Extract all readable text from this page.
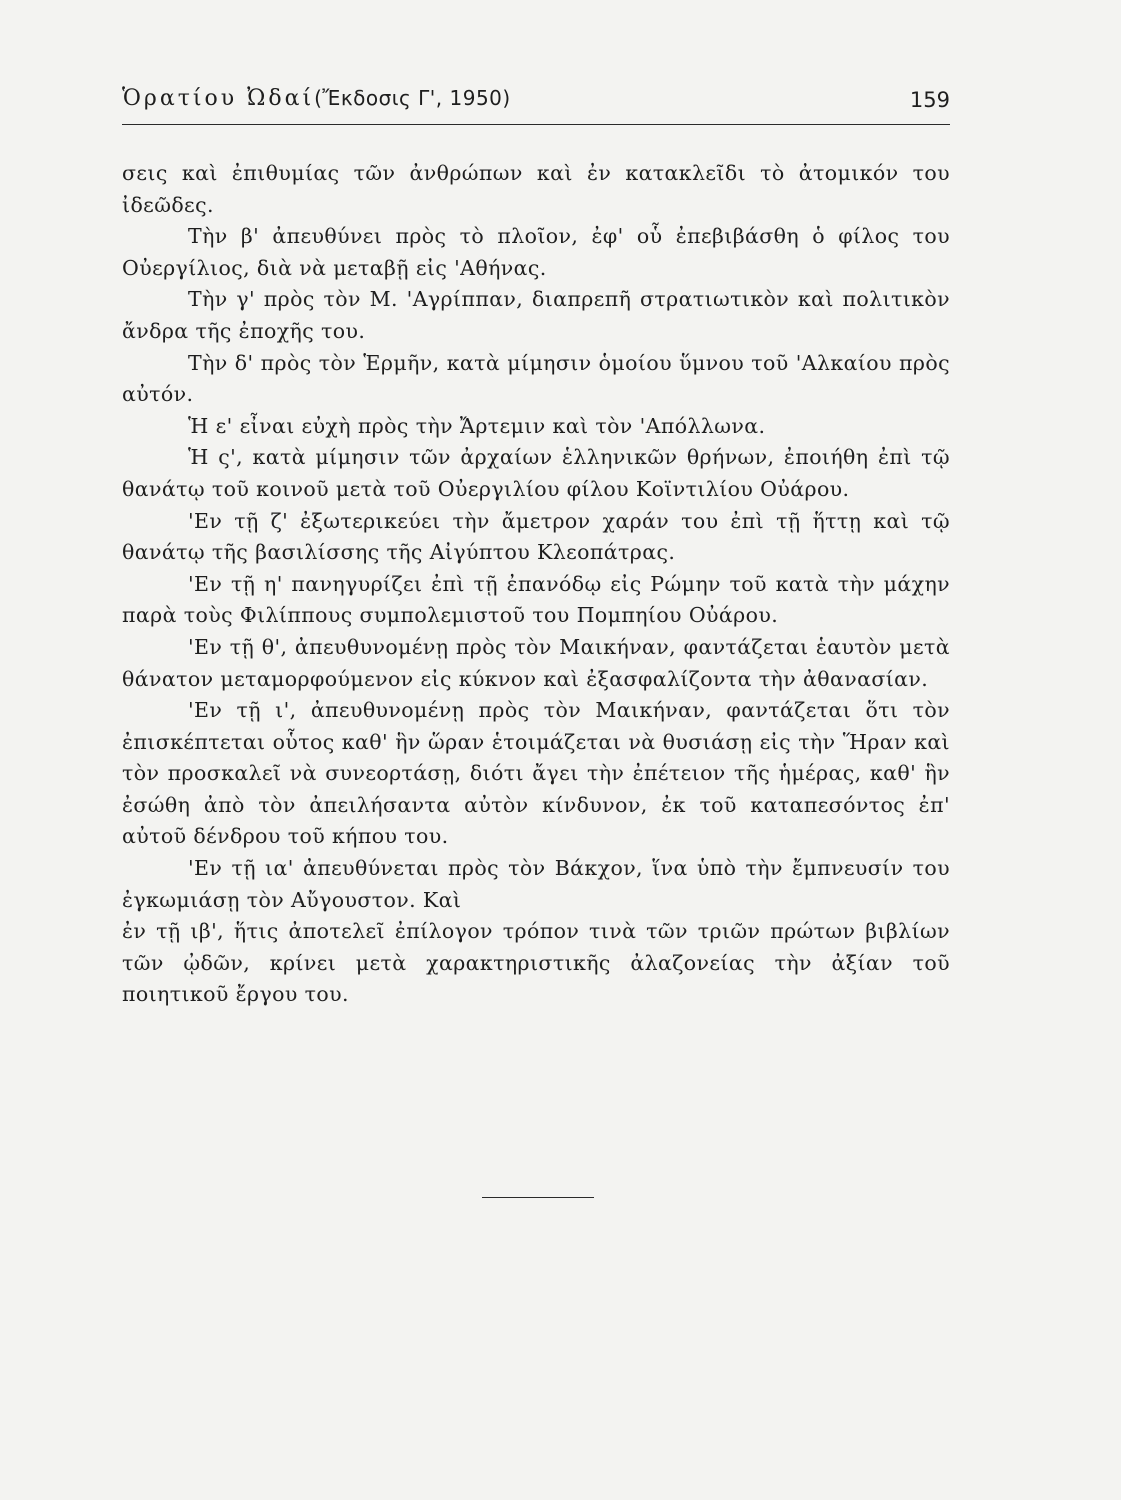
Ὁρατίου Ὠδαί(Ἔκδοσις Γ', 1950)	159

σεις καὶ ἐπιθυμίας τῶν ἀνθρώπων καὶ ἐν κατακλεῖδι τὸ ἀτομικόν του ἰδεῶδες.

Τὴν β' ἀπευθύνει πρὸς τὸ πλοῖον, ἐφ' οὗ ἐπεβιβάσθη ὁ φίλος του Οὐεργίλιος, διὰ νὰ μεταβῇ εἰς 'Αθήνας.

Τὴν γ' πρὸς τὸν Μ. 'Αγρίππαν, διαπρεπῆ στρατιωτικὸν καὶ πολιτικὸν ἄνδρα τῆς ἐποχῆς του.

Τὴν δ' πρὸς τὸν Ἑρμῆν, κατὰ μίμησιν ὁμοίου ὕμνου τοῦ 'Αλκαίου πρὸς αὐτόν.

Ἡ ε' εἶναι εὐχὴ πρὸς τὴν Ἄρτεμιν καὶ τὸν 'Απόλλωνα.

Ἡ ς', κατὰ μίμησιν τῶν ἀρχαίων ἑλληνικῶν θρήνων, ἐποιήθη ἐπὶ τῷ θανάτῳ τοῦ κοινοῦ μετὰ τοῦ Οὐεργιλίου φίλου Κοϊντιλίου Οὐάρου.

'Εν τῇ ζ' ἐξωτερικεύει τὴν ἄμετρον χαράν του ἐπὶ τῇ ἥττῃ καὶ τῷ θανάτῳ τῆς βασιλίσσης τῆς Αἰγύπτου Κλεοπάτρας.

'Εν τῇ η' πανηγυρίζει ἐπὶ τῇ ἐπανόδῳ εἰς Ρώμην τοῦ κατὰ τὴν μάχην παρὰ τοὺς Φιλίππους συμπολεμιστοῦ του Πομπηίου Οὐάρου.

'Εν τῇ θ', ἀπευθυνομένῃ πρὸς τὸν Μαικήναν, φαντάζεται ἑαυτὸν μετὰ θάνατον μεταμορφούμενον εἰς κύκνον καὶ ἐξασφαλίζοντα τὴν ἀθανασίαν.

'Εν τῇ ι', ἀπευθυνομένῃ πρὸς τὸν Μαικήναν, φαντάζεται ὅτι τὸν ἐπισκέπτεται οὗτος καθ' ἣν ὥραν ἑτοιμάζεται νὰ θυσιάσῃ εἰς τὴν Ἥραν καὶ τὸν προσκαλεῖ νὰ συνεορτάσῃ, διότι ἄγει τὴν ἐπέτειον τῆς ἡμέρας, καθ' ἣν ἐσώθη ἀπὸ τὸν ἀπειλήσαντα αὐτὸν κίνδυνον, ἐκ τοῦ καταπεσόντος ἐπ' αὐτοῦ δένδρου τοῦ κήπου του.

'Εν τῇ ια' ἀπευθύνεται πρὸς τὸν Βάκχον, ἵνα ὑπὸ τὴν ἔμπνευσίν του ἐγκωμιάσῃ τὸν Αὔγουστον. Καὶ

ἐν τῇ ιβ', ἥτις ἀποτελεῖ ἐπίλογον τρόπον τινὰ τῶν τριῶν πρώτων βιβλίων τῶν ᾠδῶν, κρίνει μετὰ χαρακτηριστικῆς ἀλαζονείας τὴν ἀξίαν τοῦ ποιητικοῦ ἔργου του.
